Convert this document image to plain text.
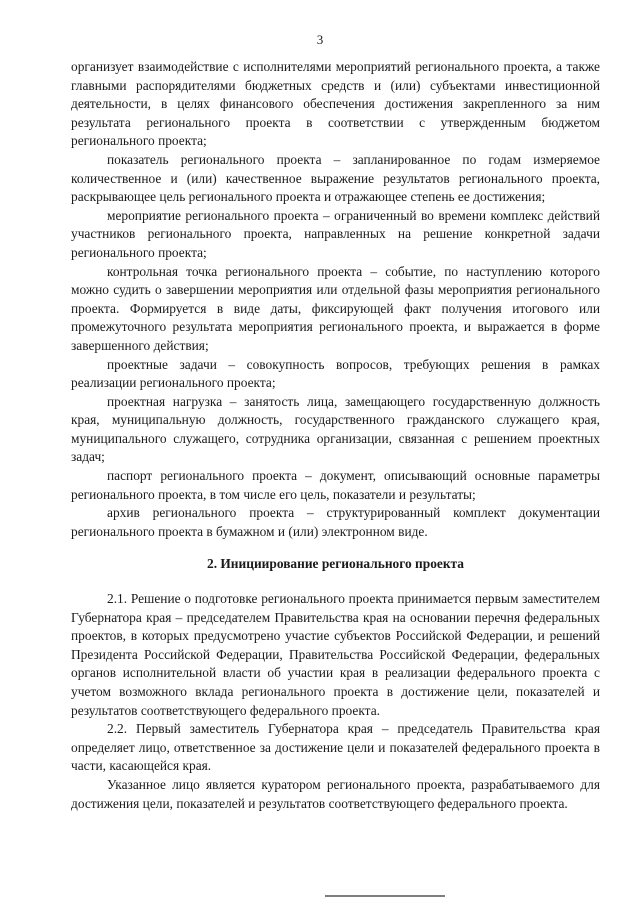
3

организует взаимодействие с исполнителями мероприятий регионального проекта, а также главными распорядителями бюджетных средств и (или) субъектами инвестиционной деятельности, в целях финансового обеспечения достижения закрепленного за ним результата регионального проекта в соответствии с утвержденным бюджетом регионального проекта;

показатель регионального проекта – запланированное по годам измеряемое количественное и (или) качественное выражение результатов регионального проекта, раскрывающее цель регионального проекта и отражающее степень ее достижения;

мероприятие регионального проекта – ограниченный во времени комплекс действий участников регионального проекта, направленных на решение конкретной задачи регионального проекта;

контрольная точка регионального проекта – событие, по наступлению которого можно судить о завершении мероприятия или отдельной фазы мероприятия регионального проекта. Формируется в виде даты, фиксирующей факт получения итогового или промежуточного результата мероприятия регионального проекта, и выражается в форме завершенного действия;

проектные задачи – совокупность вопросов, требующих решения в рамках реализации регионального проекта;

проектная нагрузка – занятость лица, замещающего государственную должность края, муниципальную должность, государственного гражданского служащего края, муниципального служащего, сотрудника организации, связанная с решением проектных задач;

паспорт регионального проекта – документ, описывающий основные параметры регионального проекта, в том числе его цель, показатели и результаты;

архив регионального проекта – структурированный комплект документации регионального проекта в бумажном и (или) электронном виде.

2. Инициирование регионального проекта

2.1. Решение о подготовке регионального проекта принимается первым заместителем Губернатора края – председателем Правительства края на основании перечня федеральных проектов, в которых предусмотрено участие субъектов Российской Федерации, и решений Президента Российской Федерации, Правительства Российской Федерации, федеральных органов исполнительной власти об участии края в реализации федерального проекта с учетом возможного вклада регионального проекта в достижение цели, показателей и результатов соответствующего федерального проекта.

2.2. Первый заместитель Губернатора края – председатель Правительства края определяет лицо, ответственное за достижение цели и показателей федерального проекта в части, касающейся края.

Указанное лицо является куратором регионального проекта, разрабатываемого для достижения цели, показателей и результатов соответствующего федерального проекта.
